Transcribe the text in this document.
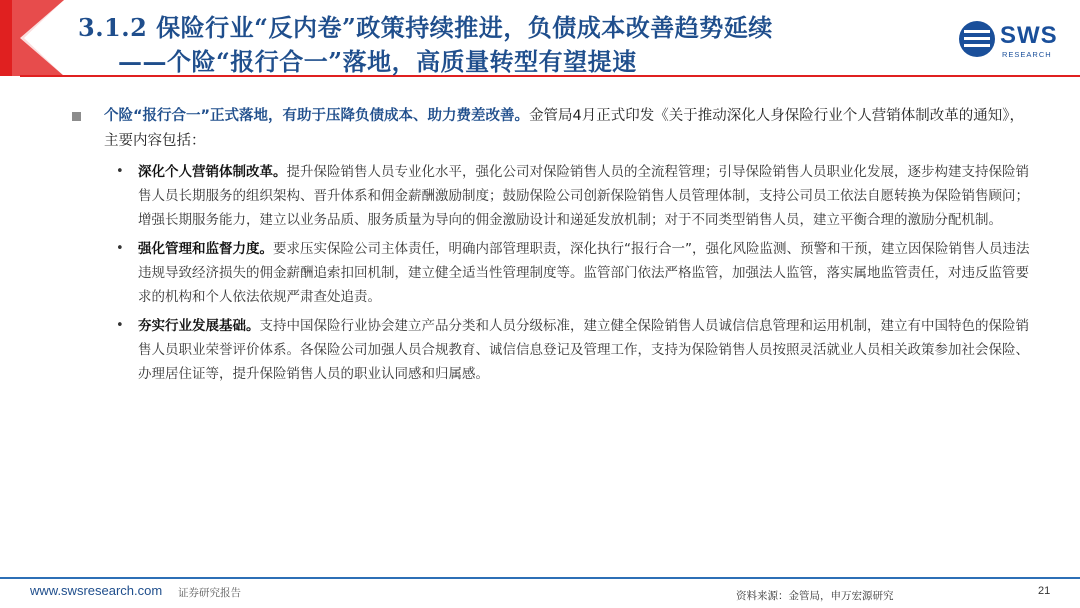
3.1.2 保险行业“反内卷”政策持续推进，负债成本改善趋势延续
——个险“报行合一”落地，高质量转型有望提速
SWS
RESEARCH
个险“报行合一”正式落地，有助于压降负债成本、助力费差改善。金管局4月正式印发《关于推动深化人身保险行业个人营销体制改革的通知》，主要内容包括：
• 深化个人营销体制改革。提升保险销售人员专业化水平，强化公司对保险销售人员的全流程管理；引导保险销售人员职业化发展，逐步构建支持保险销售人员长期服务的组织架构、晋升体系和佣金薪酬激励制度；鼓励保险公司创新保险销售人员管理体制，支持公司员工依法自愿转换为保险销售顾问；增强长期服务能力，建立以业务品质、服务质量为导向的佣金激励设计和递延发放机制；对于不同类型销售人员，建立平衡合理的激励分配机制。
• 强化管理和监督力度。要求压实保险公司主体责任，明确内部管理职责，深化执行“报行合一”，强化风险监测、预警和干预，建立因保险销售人员违法违规导致经济损失的佣金薪酬追索扣回机制，建立健全适当性管理制度等。监管部门依法严格监管，加强法人监管，落实属地监管责任，对违反监管要求的机构和个人依法依规严肃查处追责。
• 夯实行业发展基础。支持中国保险行业协会建立产品分类和人员分级标准，建立健全保险销售人员诚信信息管理和运用机制，建立有中国特色的保险销售人员职业荣誉评价体系。各保险公司加强人员合规教育、诚信信息登记及管理工作，支持为保险销售人员按照灵活就业人员相关政策参加社会保险、办理居住证等，提升保险销售人员的职业认同感和归属感。
www.swsresearch.com 证券研究报告	资料来源：金管局，申万宏源研究	21
